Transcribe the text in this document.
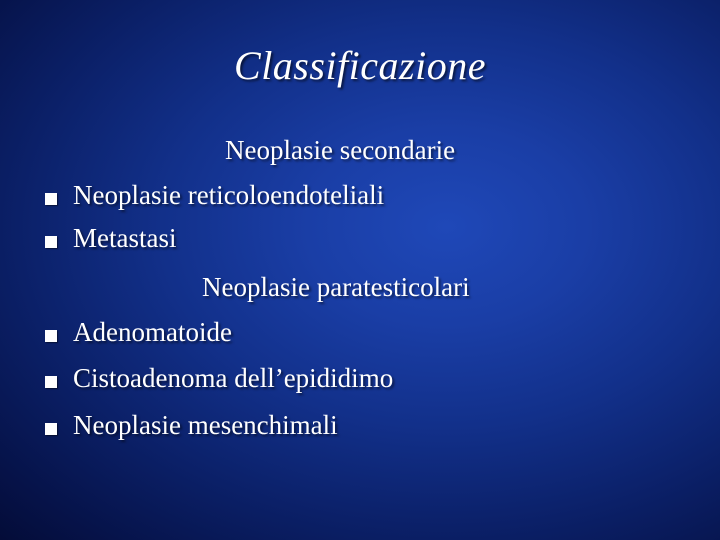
Classificazione
Neoplasie secondarie
Neoplasie reticoloendoteliali
Metastasi
Neoplasie paratesticolari
Adenomatoide
Cistoadenoma dell’epididimo
Neoplasie mesenchimali
